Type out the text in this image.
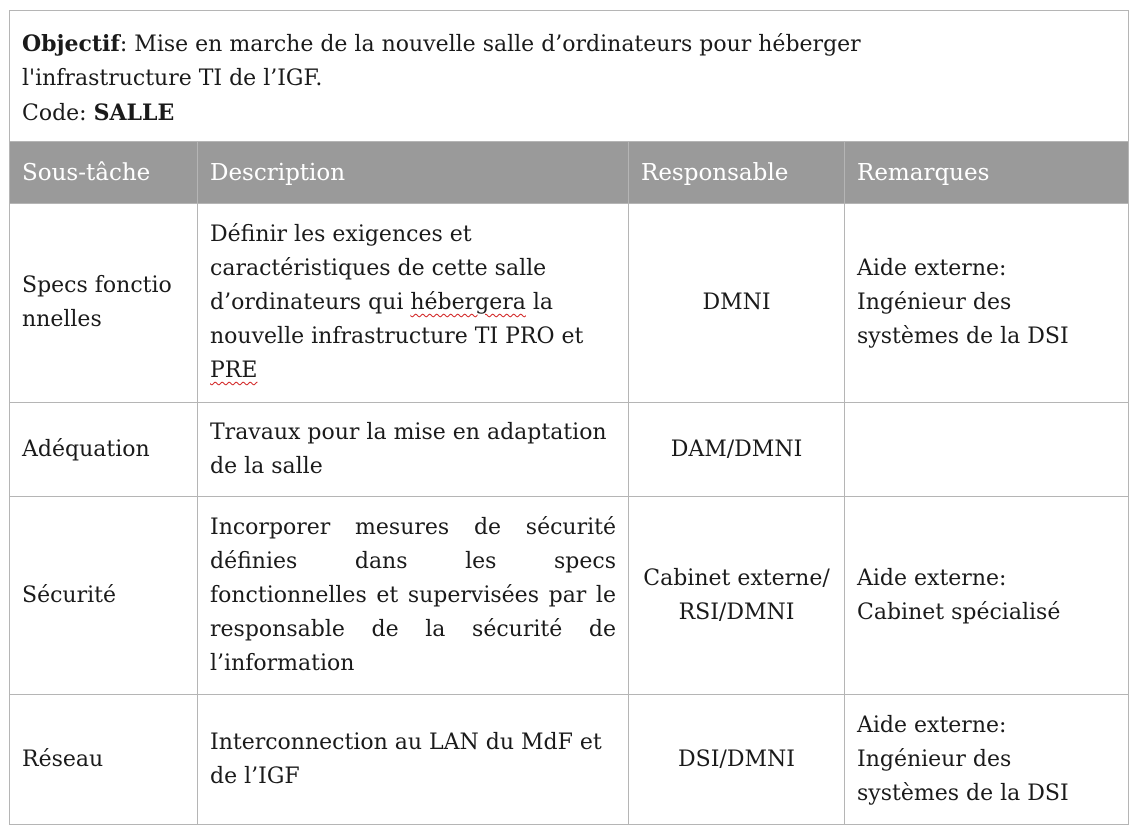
Objectif: Mise en marche de la nouvelle salle d’ordinateurs pour héberger
l'infrastructure TI de l’IGF.
Code: SALLE			
Sous-tâche	Description	Responsable	Remarques
Specs fonctionnelles	Définir les exigences et caractéristiques de cette salle d’ordinateurs qui hébergera la nouvelle infrastructure TI PRO et PRE	DMNI	Aide externe:
Ingénieur des systèmes de la DSI
Adéquation	Travaux pour la mise en adaptation de la salle	DAM/DMNI	
Sécurité	Incorporer mesures de sécurité définies dans les specs fonctionnelles et supervisées par le responsable de la sécurité de l’information	Cabinet externe/RSI/DMNI	Aide externe:
Cabinet spécialisé
Réseau	Interconnection au LAN du MdF et de l’IGF	DSI/DMNI	Aide externe:
Ingénieur des systèmes de la DSI
